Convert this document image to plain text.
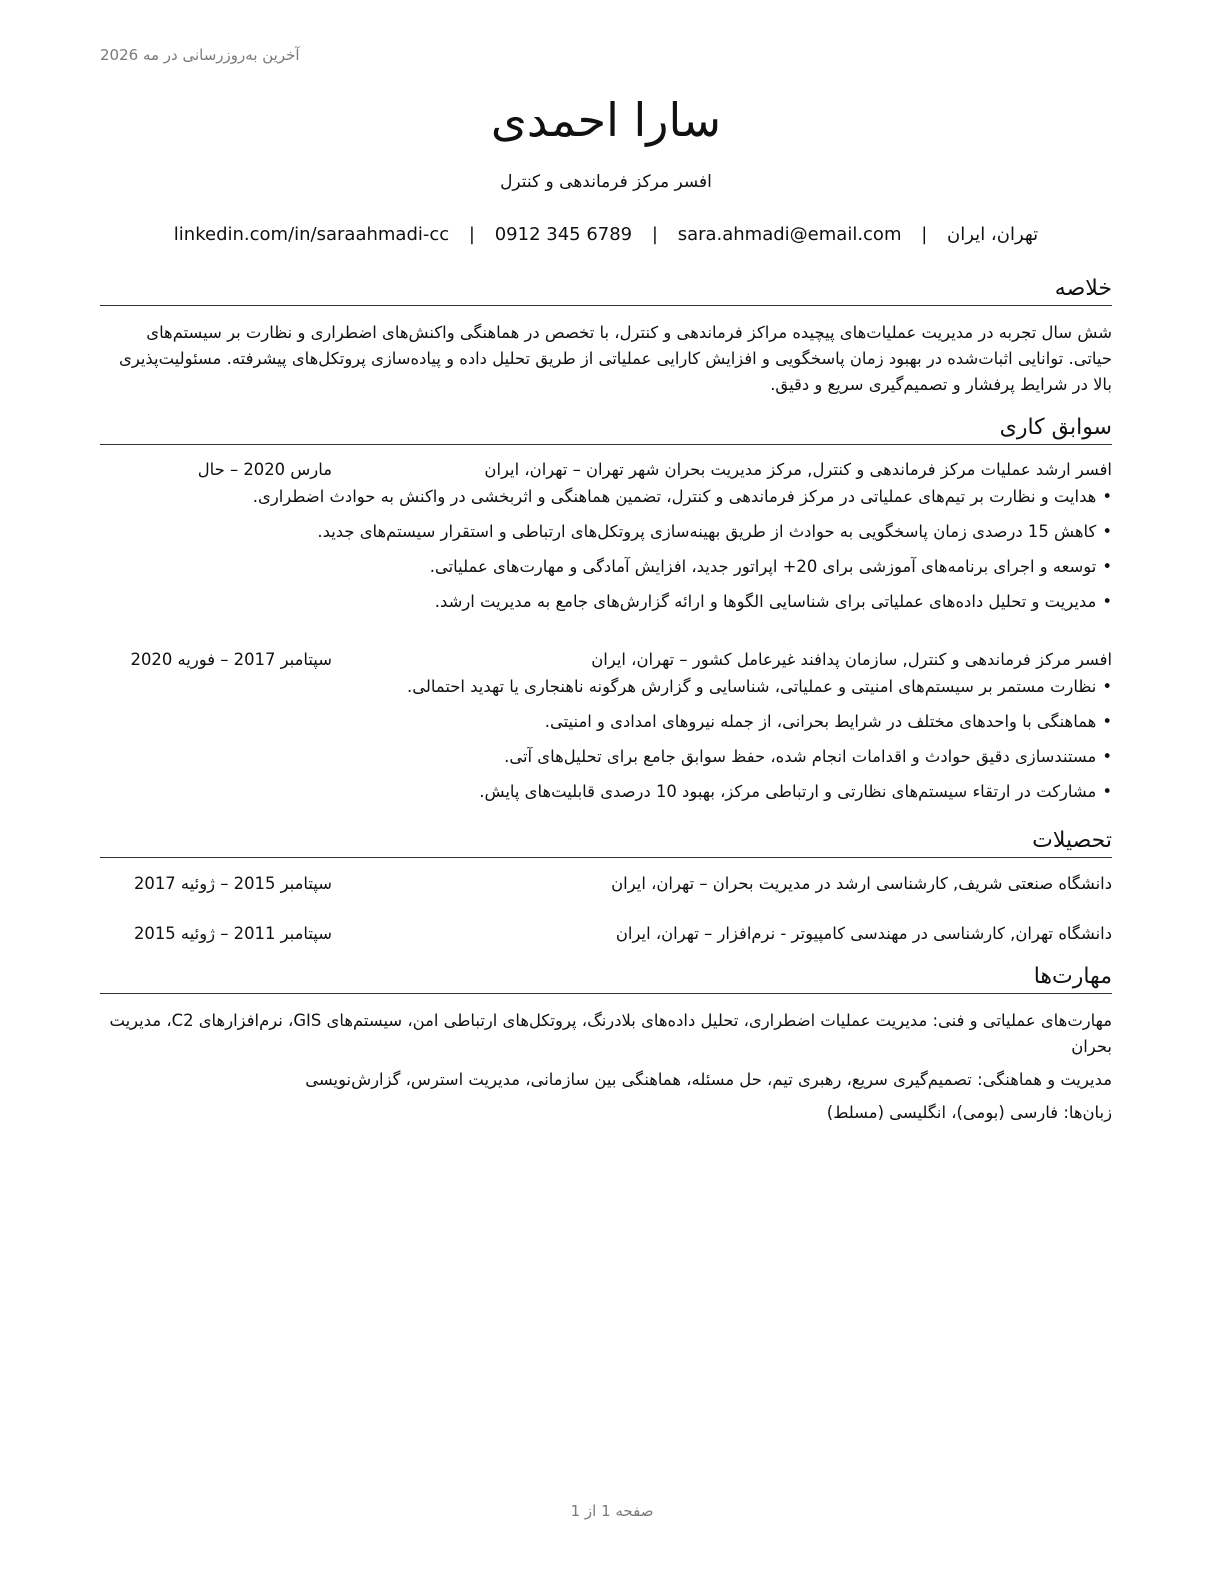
آخرین به‌روزرسانی در مه 2026
سارا احمدی
افسر مرکز فرماندهی و کنترل
تهران، ایران | sara.ahmadi@email.com | 0912 345 6789 | linkedin.com/in/saraahmadi-cc
خلاصه
شش سال تجربه در مدیریت عملیات‌های پیچیده مراکز فرماندهی و کنترل، با تخصص در هماهنگی واکنش‌های اضطراری و نظارت بر سیستم‌های حیاتی. توانایی اثبات‌شده در بهبود زمان پاسخگویی و افزایش کارایی عملیاتی از طریق تحلیل داده و پیاده‌سازی پروتکل‌های پیشرفته. مسئولیت‌پذیری بالا در شرایط پرفشار و تصمیم‌گیری سریع و دقیق.
سوابق کاری
افسر ارشد عملیات مرکز فرماندهی و کنترل, مرکز مدیریت بحران شهر تهران – تهران، ایران
مارس 2020 – حال
•هدایت و نظارت بر تیم‌های عملیاتی در مرکز فرماندهی و کنترل، تضمین هماهنگی و اثربخشی در واکنش به حوادث اضطراری.
•کاهش 15 درصدی زمان پاسخگویی به حوادث از طریق بهینه‌سازی پروتکل‌های ارتباطی و استقرار سیستم‌های جدید.
•توسعه و اجرای برنامه‌های آموزشی برای 20+ اپراتور جدید، افزایش آمادگی و مهارت‌های عملیاتی.
•مدیریت و تحلیل داده‌های عملیاتی برای شناسایی الگوها و ارائه گزارش‌های جامع به مدیریت ارشد.
افسر مرکز فرماندهی و کنترل, سازمان پدافند غیرعامل کشور – تهران، ایران
سپتامبر 2017 – فوریه 2020
•نظارت مستمر بر سیستم‌های امنیتی و عملیاتی، شناسایی و گزارش هرگونه ناهنجاری یا تهدید احتمالی.
•هماهنگی با واحدهای مختلف در شرایط بحرانی، از جمله نیروهای امدادی و امنیتی.
•مستندسازی دقیق حوادث و اقدامات انجام شده، حفظ سوابق جامع برای تحلیل‌های آتی.
•مشارکت در ارتقاء سیستم‌های نظارتی و ارتباطی مرکز، بهبود 10 درصدی قابلیت‌های پایش.
تحصیلات
دانشگاه صنعتی شریف, کارشناسی ارشد در مدیریت بحران – تهران، ایران
سپتامبر 2015 – ژوئیه 2017
دانشگاه تهران, کارشناسی در مهندسی کامپیوتر - نرم‌افزار – تهران، ایران
سپتامبر 2011 – ژوئیه 2015
مهارت‌ها
مهارت‌های عملیاتی و فنی: مدیریت عملیات اضطراری، تحلیل داده‌های بلادرنگ، پروتکل‌های ارتباطی امن، سیستم‌های GIS، نرم‌افزارهای C2، مدیریت بحران
مدیریت و هماهنگی: تصمیم‌گیری سریع، رهبری تیم، حل مسئله، هماهنگی بین سازمانی، مدیریت استرس، گزارش‌نویسی
زبان‌ها: فارسی (بومی)، انگلیسی (مسلط)
صفحه 1 از 1
